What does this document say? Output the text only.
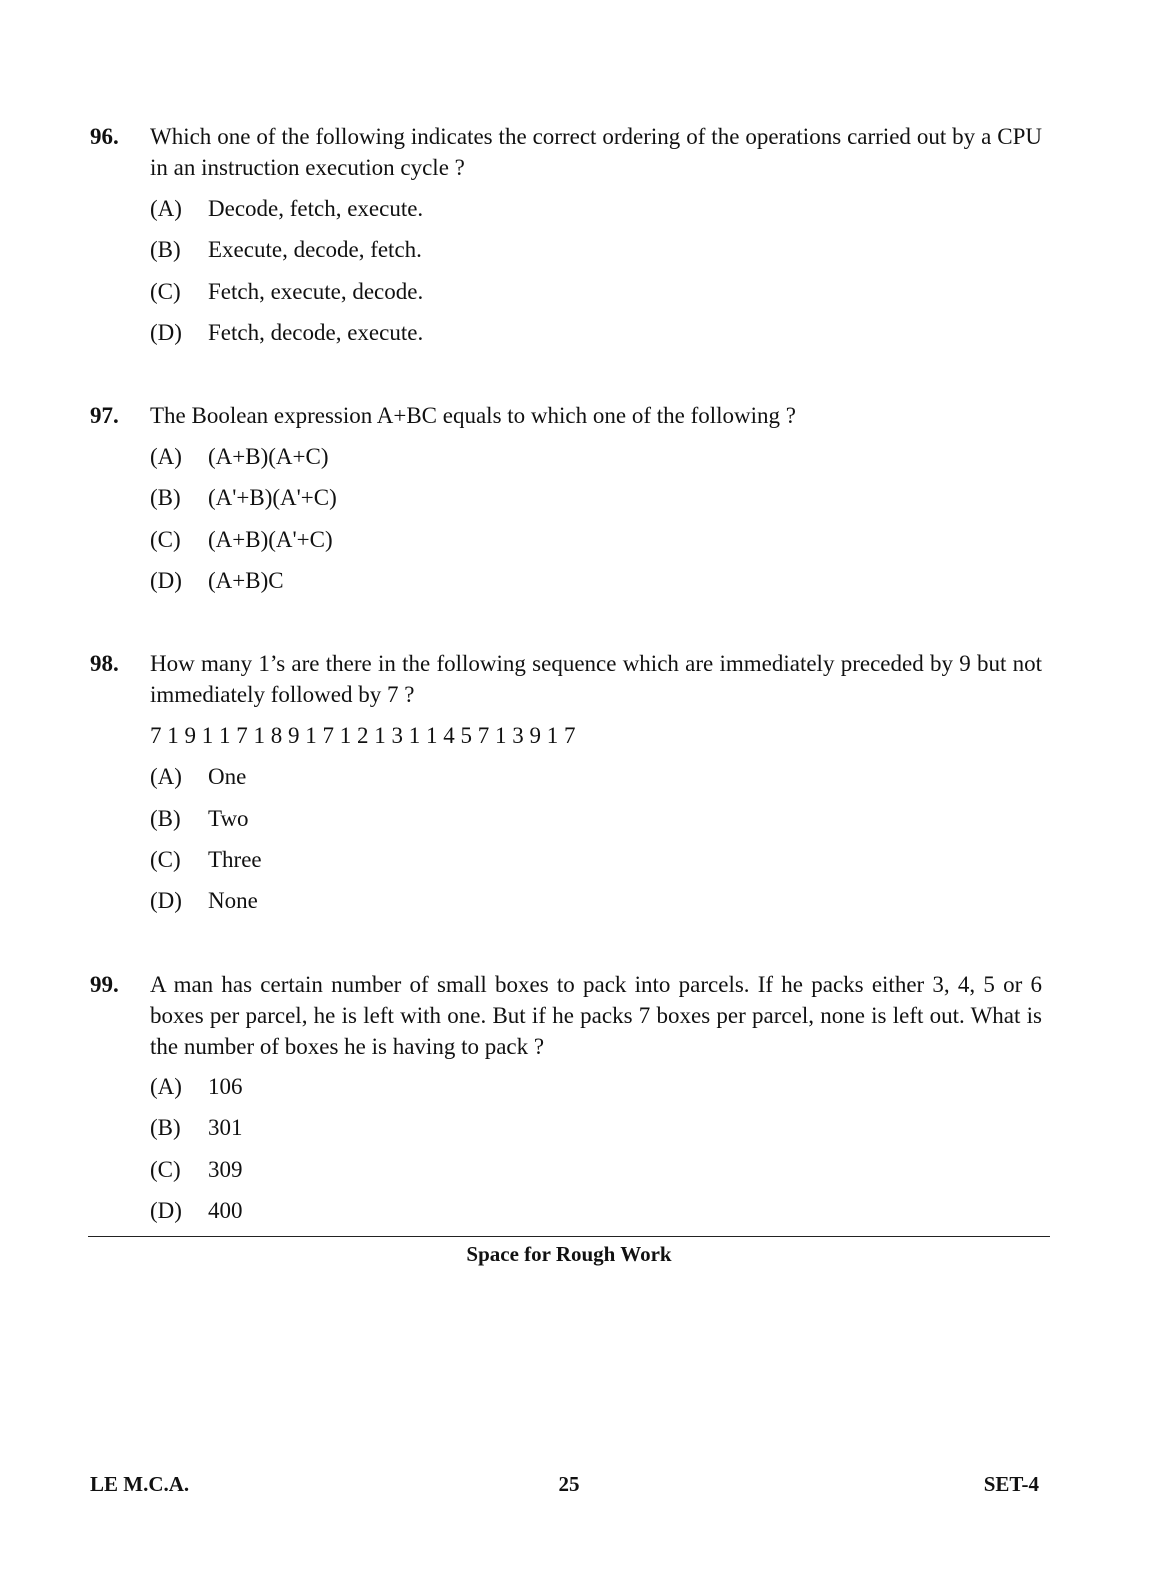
96. Which one of the following indicates the correct ordering of the operations carried out by a CPU in an instruction execution cycle ?
(A) Decode, fetch, execute.
(B) Execute, decode, fetch.
(C) Fetch, execute, decode.
(D) Fetch, decode, execute.
97. The Boolean expression A+BC equals to which one of the following ?
(A) (A+B)(A+C)
(B) (A'+B)(A'+C)
(C) (A+B)(A'+C)
(D) (A+B)C
98. How many 1’s are there in the following sequence which are immediately preceded by 9 but not immediately followed by 7 ?
7 1 9 1 1 7 1 8 9 1 7 1 2 1 3 1 1 4 5 7 1 3 9 1 7
(A) One
(B) Two
(C) Three
(D) None
99. A man has certain number of small boxes to pack into parcels. If he packs either 3, 4, 5 or 6 boxes per parcel, he is left with one. But if he packs 7 boxes per parcel, none is left out. What is the number of boxes he is having to pack ?
(A) 106
(B) 301
(C) 309
(D) 400
Space for Rough Work
LE M.C.A.	25	SET-4
